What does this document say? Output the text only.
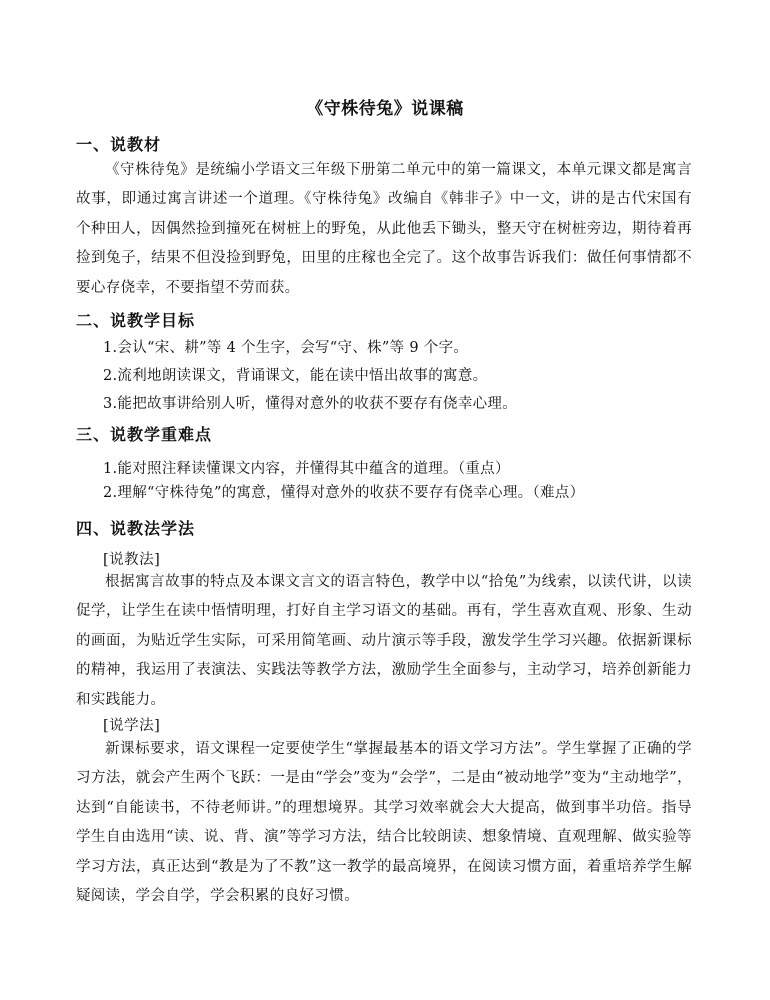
《守株待兔》说课稿
一、说教材
《守株待兔》是统编小学语文三年级下册第二单元中的第一篇课文，本单元课文都是寓言故事，即通过寓言讲述一个道理。《守株待兔》改编自《韩非子》中一文，讲的是古代宋国有个种田人，因偶然捡到撞死在树桩上的野兔，从此他丢下锄头，整天守在树桩旁边，期待着再捡到兔子，结果不但没捡到野兔，田里的庄稼也全完了。这个故事告诉我们：做任何事情都不要心存侥幸，不要指望不劳而获。
二、说教学目标
1.会认“宋、耕”等 4 个生字，会写“守、株”等 9 个字。
2.流利地朗读课文，背诵课文，能在读中悟出故事的寓意。
3.能把故事讲给别人听，懂得对意外的收获不要存有侥幸心理。
三、说教学重难点
1.能对照注释读懂课文内容，并懂得其中蕴含的道理。（重点）
2.理解“守株待兔”的寓意，懂得对意外的收获不要存有侥幸心理。（难点）
四、说教法学法
[说教法]
根据寓言故事的特点及本课文言文的语言特色，教学中以“拾兔”为线索，以读代讲，以读促学，让学生在读中悟情明理，打好自主学习语文的基础。再有，学生喜欢直观、形象、生动的画面，为贴近学生实际，可采用简笔画、动片演示等手段，激发学生学习兴趣。依据新课标的精神，我运用了表演法、实践法等教学方法，激励学生全面参与，主动学习，培养创新能力和实践能力。
[说学法]
新课标要求，语文课程一定要使学生“掌握最基本的语文学习方法”。学生掌握了正确的学习方法，就会产生两个飞跃：一是由“学会”变为“会学”，二是由“被动地学”变为“主动地学”，达到“自能读书，不待老师讲。”的理想境界。其学习效率就会大大提高，做到事半功倍。指导学生自由选用“读、说、背、演”等学习方法，结合比较朗读、想象情境、直观理解、做实验等学习方法，真正达到“教是为了不教”这一教学的最高境界，在阅读习惯方面，着重培养学生解疑阅读，学会自学，学会积累的良好习惯。
